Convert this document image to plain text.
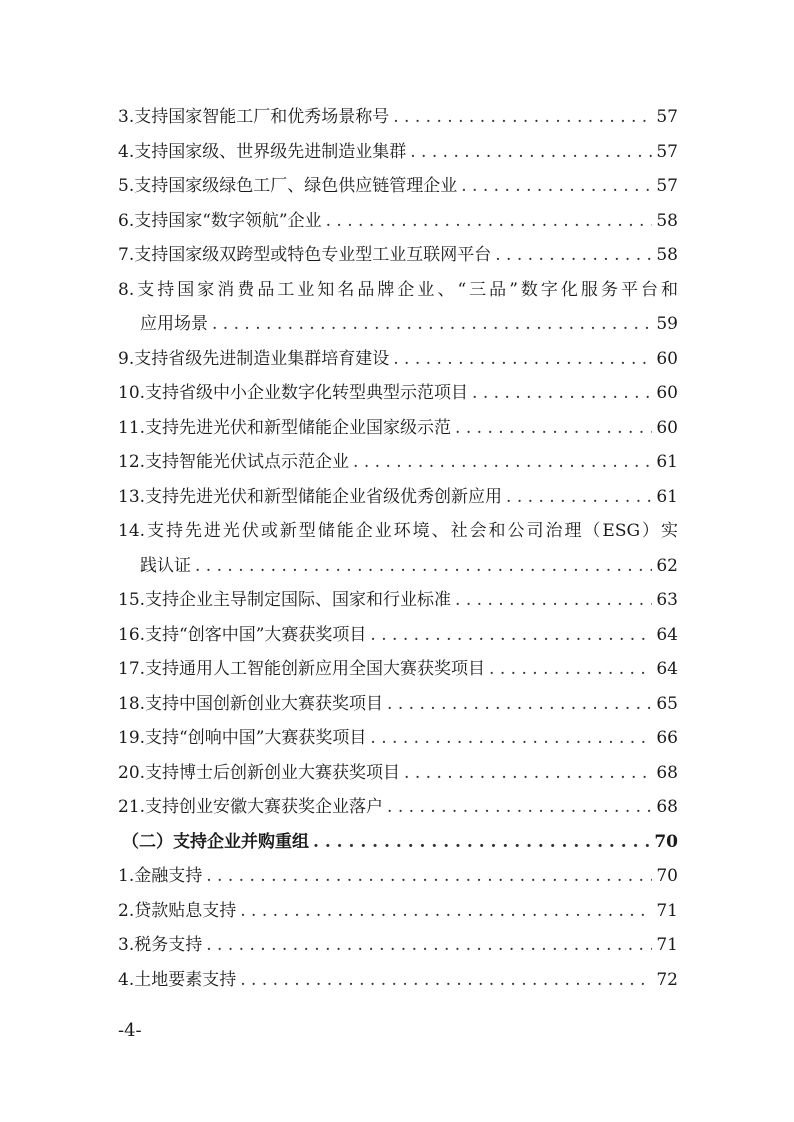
3.支持国家智能工厂和优秀场景称号 . . .	57
4.支持国家级、世界级先进制造业集群 . . .	57
5.支持国家级绿色工厂、绿色供应链管理企业 . . .	57
6.支持国家“数字领航”企业 . . .	58
7.支持国家级双跨型或特色专业型工业互联网平台 . . .	58
8.支持国家消费品工业知名品牌企业、“三品”数字化服务平台和
应用场景 . . .	59
9.支持省级先进制造业集群培育建设 . . .	60
10.支持省级中小企业数字化转型典型示范项目 . . .	60
11.支持先进光伏和新型储能企业国家级示范 . . .	60
12.支持智能光伏试点示范企业 . . .	61
13.支持先进光伏和新型储能企业省级优秀创新应用 . . .	61
14.支持先进光伏或新型储能企业环境、社会和公司治理（ESG）实
践认证 . . .	62
15.支持企业主导制定国际、国家和行业标准 . . .	63
16.支持“创客中国”大赛获奖项目 . . .	64
17.支持通用人工智能创新应用全国大赛获奖项目 . . .	64
18.支持中国创新创业大赛获奖项目 . . .	65
19.支持“创响中国”大赛获奖项目 . . .	66
20.支持博士后创新创业大赛获奖项目 . . .	68
21.支持创业安徽大赛获奖企业落户 . . .	68
（二）支持企业并购重组 . . .	70
1.金融支持 . . .	70
2.贷款贴息支持 . . .	71
3.税务支持 . . .	71
4.土地要素支持 . . .	72
-4-
